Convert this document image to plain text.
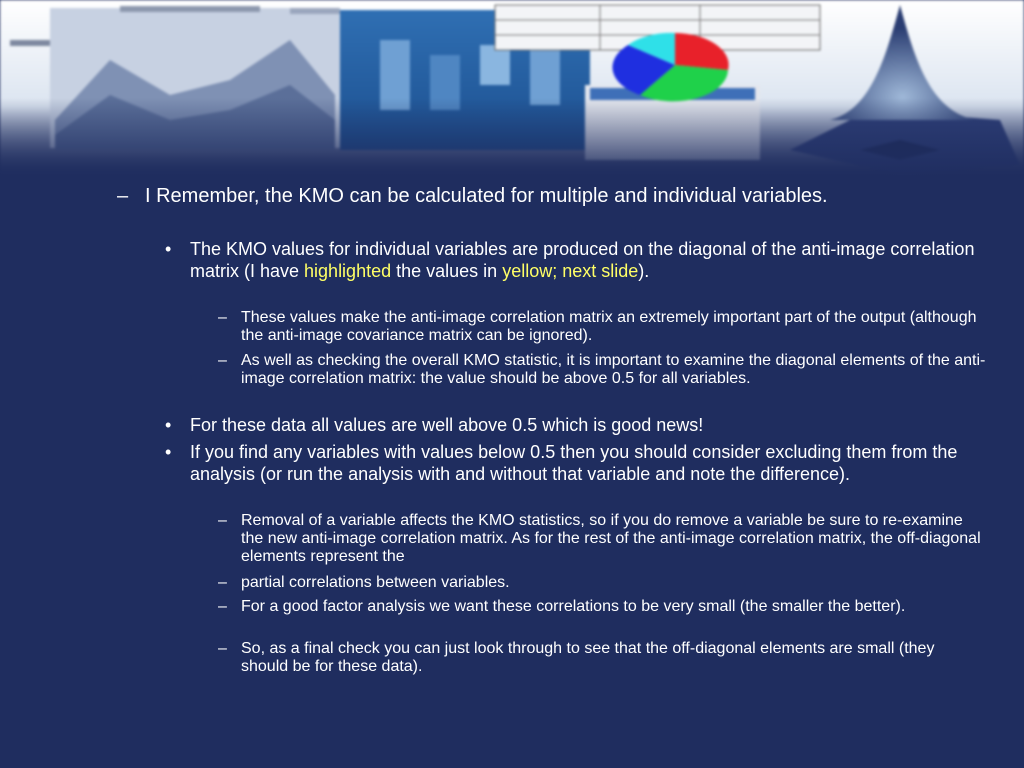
– I Remember, the KMO can be calculated for multiple and individual variables.
• The KMO values for individual variables are produced on the diagonal of the anti-image correlation matrix (I have highlighted the values in yellow; next slide).
– These values make the anti-image correlation matrix an extremely important part of the output (although the anti-image covariance matrix can be ignored).
– As well as checking the overall KMO statistic, it is important to examine the diagonal elements of the anti-image correlation matrix: the value should be above 0.5 for all variables.
• For these data all values are well above 0.5 which is good news!
• If you find any variables with values below 0.5 then you should consider excluding them from the analysis (or run the analysis with and without that variable and note the difference).
– Removal of a variable affects the KMO statistics, so if you do remove a variable be sure to re-examine the new anti-image correlation matrix. As for the rest of the anti-image correlation matrix, the off-diagonal elements represent the
– partial correlations between variables.
– For a good factor analysis we want these correlations to be very small (the smaller the better).
– So, as a final check you can just look through to see that the off-diagonal elements are small (they should be for these data).
